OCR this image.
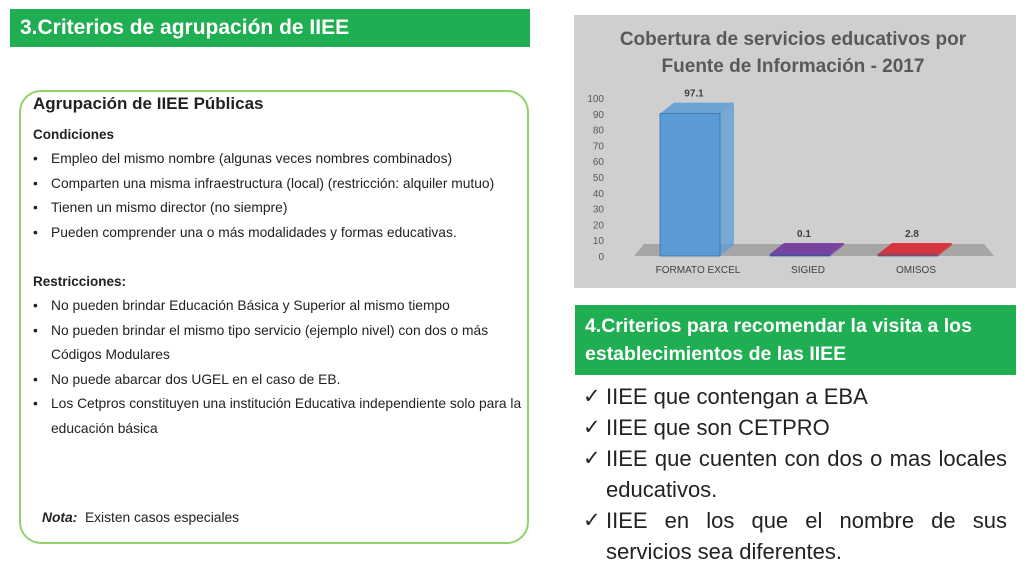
3.Criterios de agrupación de IIEE
Agrupación de IIEE Públicas
Condiciones
• Empleo del mismo nombre (algunas veces nombres combinados)
• Comparten una misma infraestructura (local) (restricción: alquiler mutuo)
• Tienen un mismo director (no siempre)
• Pueden comprender una o más modalidades y formas educativas.
Restricciones:
• No pueden brindar Educación Básica y Superior al mismo tiempo
• No pueden brindar el mismo tipo servicio (ejemplo nivel) con dos o más Códigos Modulares
• No puede abarcar dos UGEL en el caso de EB.
• Los Cetpros constituyen una institución Educativa independiente solo para la educación básica
Nota: Existen casos especiales
Cobertura de servicios educativos por
Fuente de Información - 2017
0
10
20
30
40
50
60
70
80
90
100	97.1
0.1	2.8
FORMATO EXCEL	SIGIED	OMISOS
4.Criterios para recomendar la visita a los establecimientos de las IIEE
✓ IIEE que contengan a EBA
✓ IIEE que son CETPRO
✓ IIEE que cuenten con dos o mas locales educativos.
✓ IIEE en los que el nombre de sus servicios sea diferentes.
